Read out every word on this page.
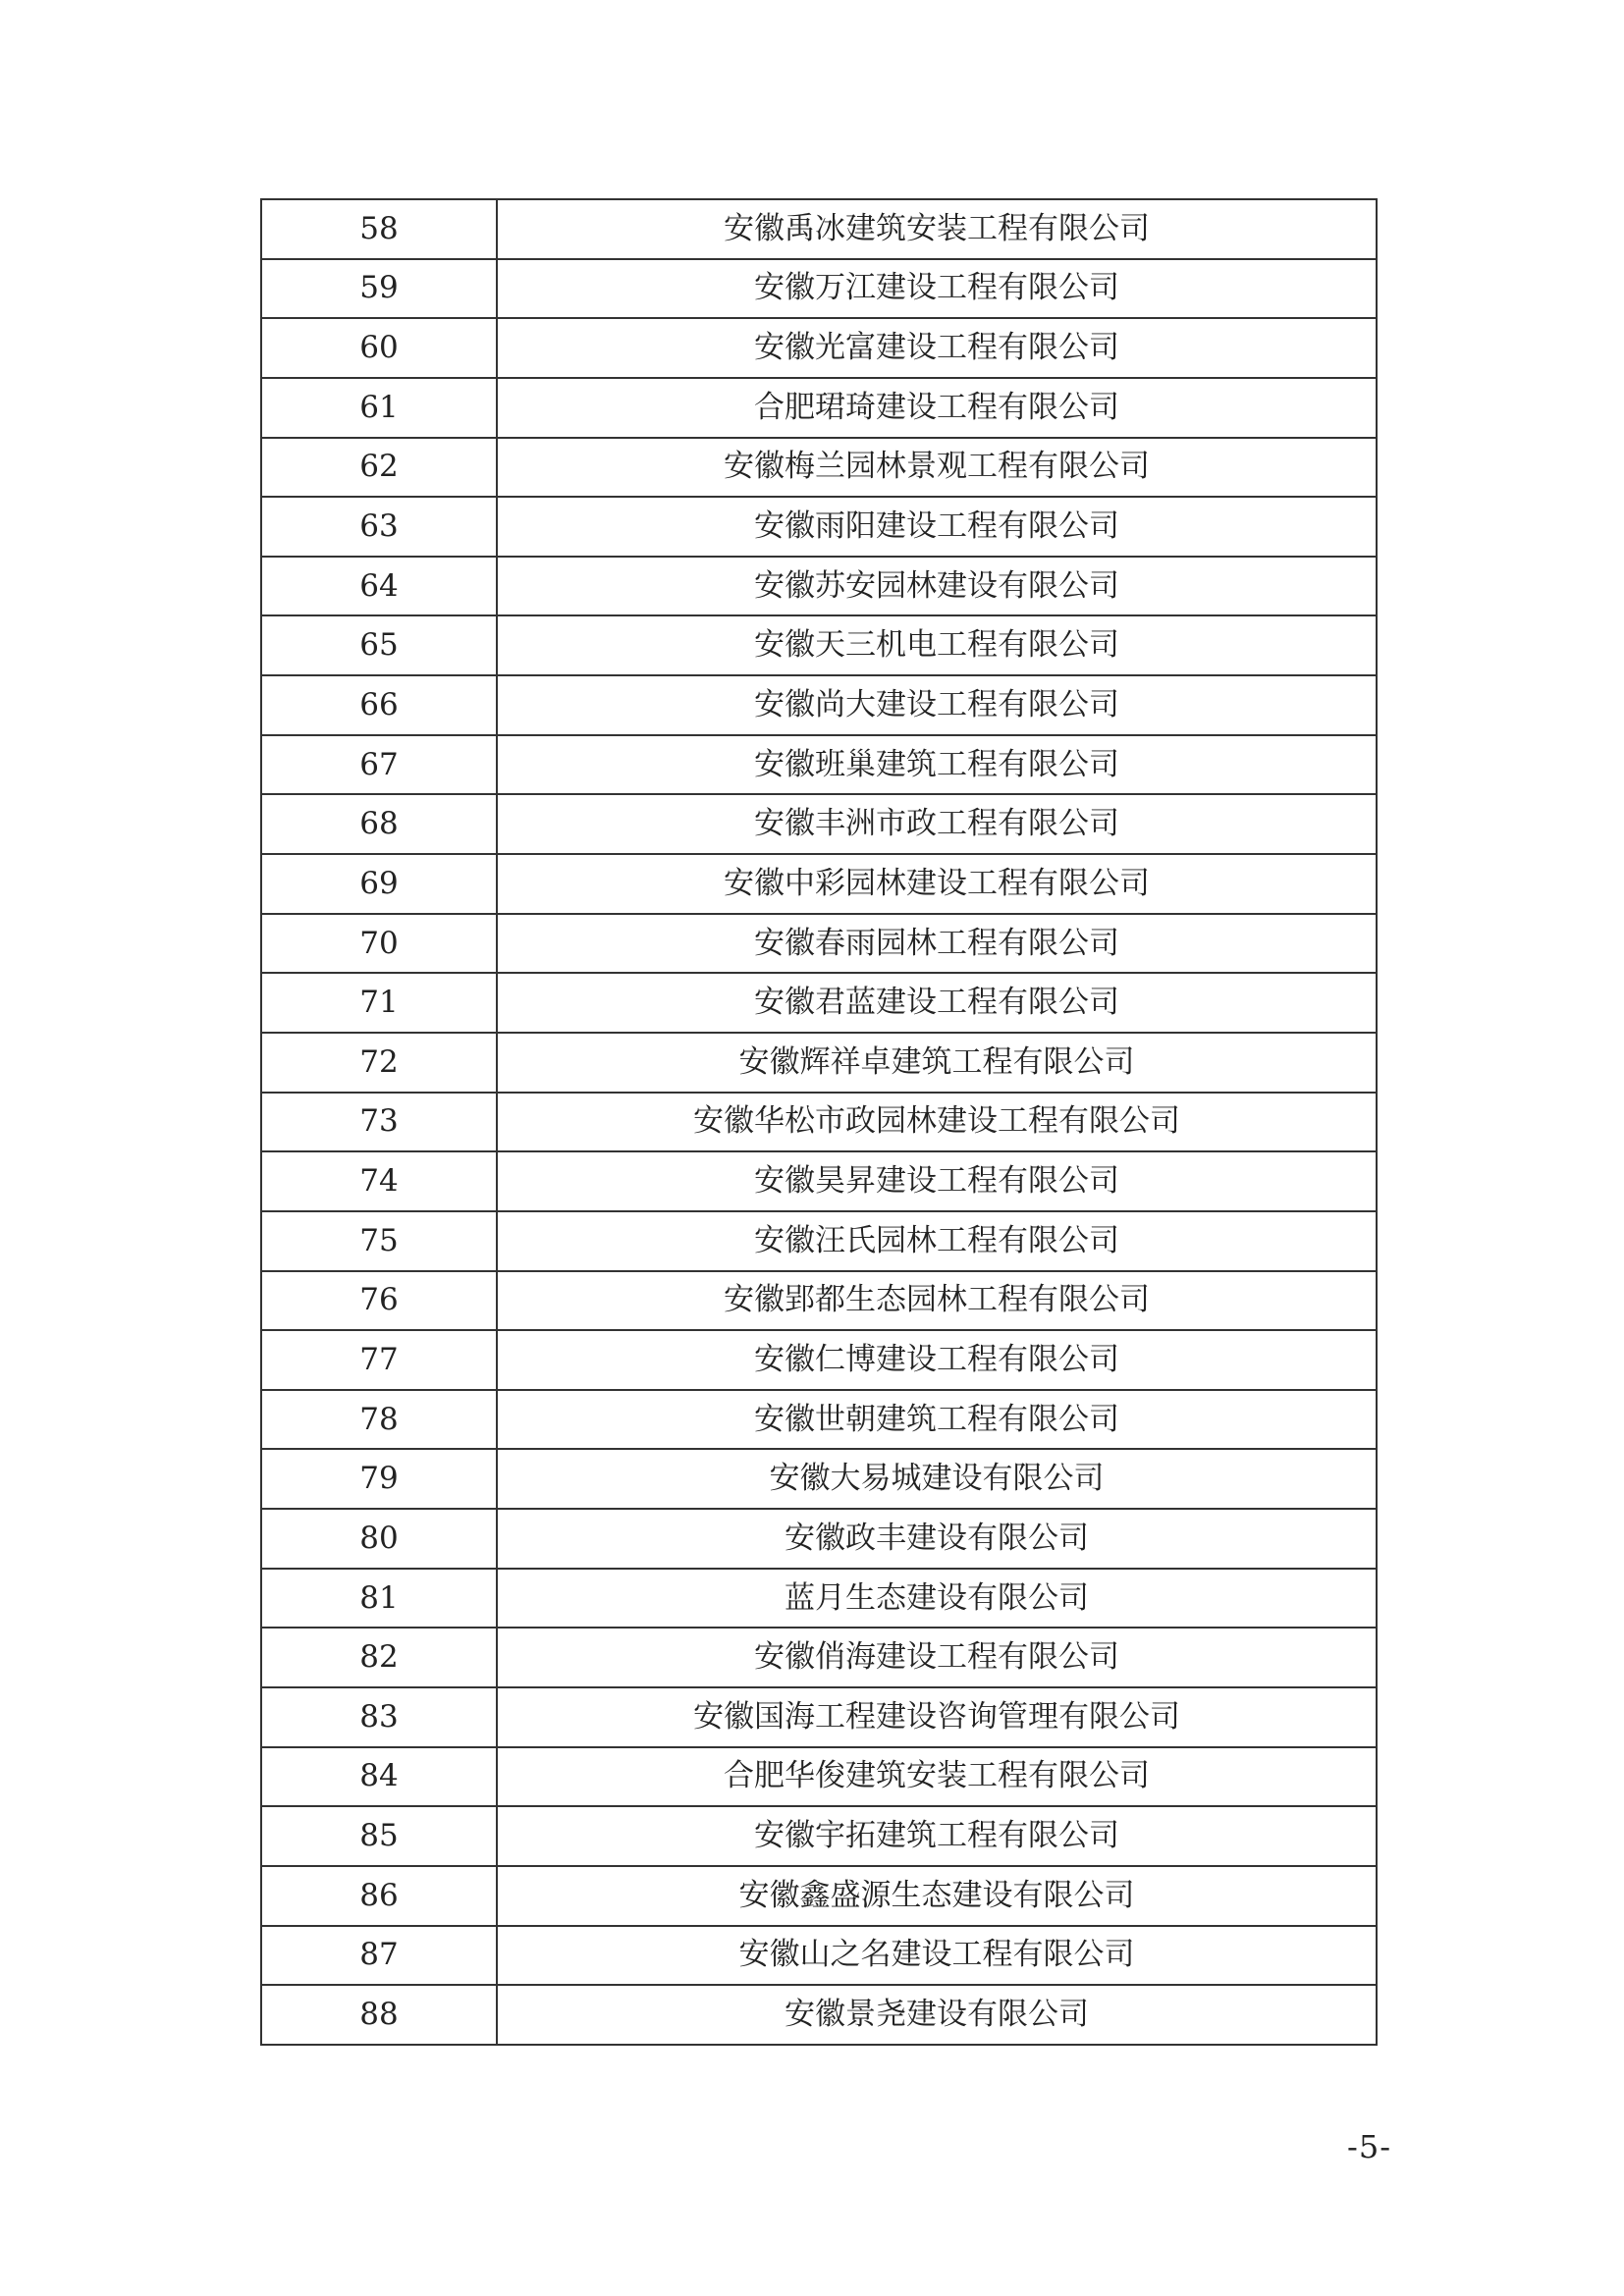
58	安徽禹冰建筑安装工程有限公司
59	安徽万江建设工程有限公司
60	安徽光富建设工程有限公司
61	合肥珺琦建设工程有限公司
62	安徽梅兰园林景观工程有限公司
63	安徽雨阳建设工程有限公司
64	安徽苏安园林建设有限公司
65	安徽天三机电工程有限公司
66	安徽尚大建设工程有限公司
67	安徽班巢建筑工程有限公司
68	安徽丰洲市政工程有限公司
69	安徽中彩园林建设工程有限公司
70	安徽春雨园林工程有限公司
71	安徽君蓝建设工程有限公司
72	安徽辉祥卓建筑工程有限公司
73	安徽华松市政园林建设工程有限公司
74	安徽昊昇建设工程有限公司
75	安徽汪氏园林工程有限公司
76	安徽郢都生态园林工程有限公司
77	安徽仁博建设工程有限公司
78	安徽世朝建筑工程有限公司
79	安徽大易城建设有限公司
80	安徽政丰建设有限公司
81	蓝月生态建设有限公司
82	安徽俏海建设工程有限公司
83	安徽国海工程建设咨询管理有限公司
84	合肥华俊建筑安装工程有限公司
85	安徽宇拓建筑工程有限公司
86	安徽鑫盛源生态建设有限公司
87	安徽山之名建设工程有限公司
88	安徽景尧建设有限公司
-5-
